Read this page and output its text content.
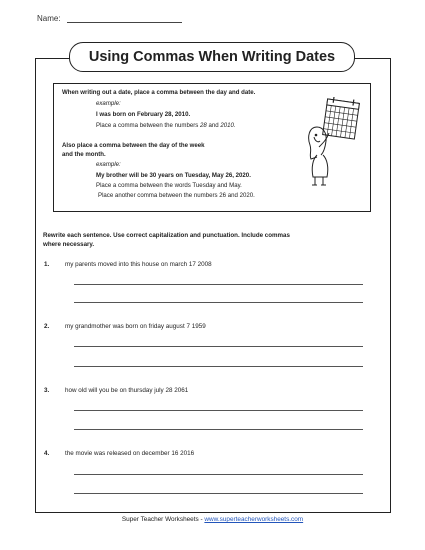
Name:
Using Commas When Writing Dates
When writing out a date, place a comma between the day and date.
example:
I was born on February 28, 2010.
Place a comma between the numbers 28 and 2010.
Also place a comma between the day of the week
and the month.
example:
My brother will be 30 years on Tuesday, May 26, 2020.
Place a comma between the words Tuesday and May.
Place another comma between the numbers 26 and 2020.
Rewrite each sentence. Use correct capitalization and punctuation. Include commas
where necessary.
1. my parents moved into this house on march 17 2008
2. my grandmother was born on friday august 7 1959
3. how old will you be on thursday july 28 2061
4. the movie was released on december 16 2016
Super Teacher Worksheets - www.superteacherworksheets.com
